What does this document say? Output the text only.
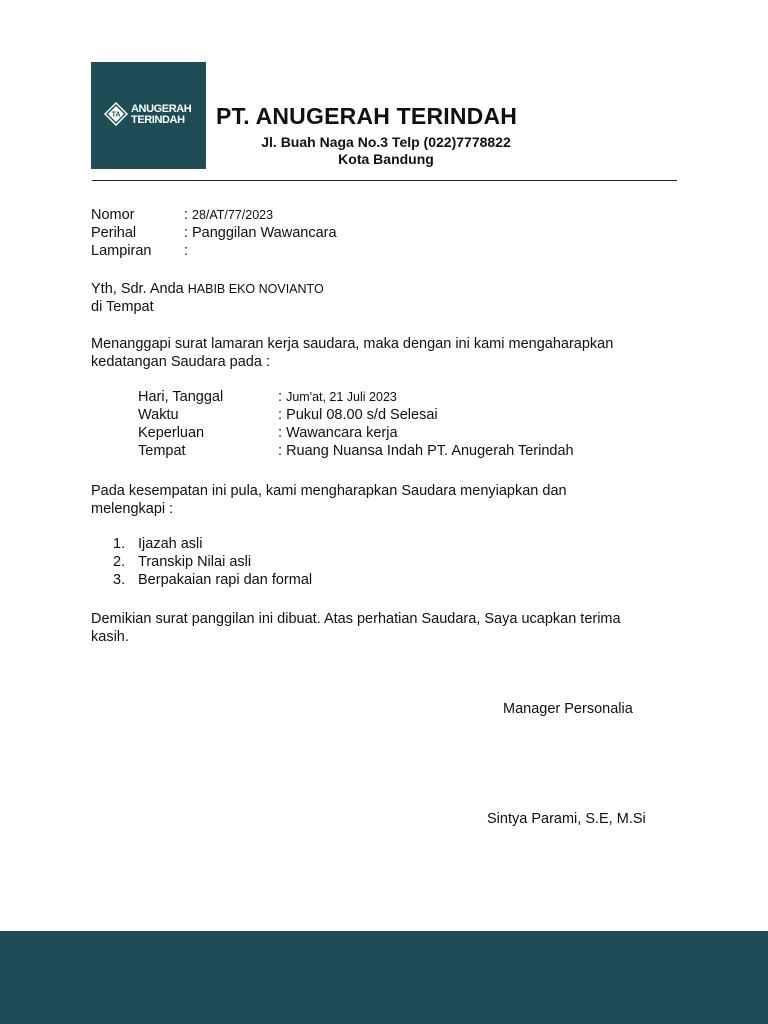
TA ANUGERAH
TERINDAH PT. ANUGERAH TERINDAH
Jl. Buah Naga No.3 Telp (022)7778822
Kota Bandung
Nomor	: 28/AT/77/2023
Perihal	: Panggilan Wawancara
Lampiran :
Yth, Sdr. Anda HABIB EKO NOVIANTO
di Tempat
Menanggapi surat lamaran kerja saudara, maka dengan ini kami mengaharapkan
kedatangan Saudara pada :
Hari, Tanggal	: Jum'at, 21 Juli 2023
Waktu	: Pukul 08.00 s/d Selesai
Keperluan	: Wawancara kerja
Tempat	: Ruang Nuansa Indah PT. Anugerah Terindah
Pada kesempatan ini pula, kami mengharapkan Saudara menyiapkan dan
melengkapi :
1. Ijazah asli
2. Transkip Nilai asli
3. Berpakaian rapi dan formal
Demikian surat panggilan ini dibuat. Atas perhatian Saudara, Saya ucapkan terima
kasih.
Manager Personalia
Sintya Parami, S.E, M.Si
